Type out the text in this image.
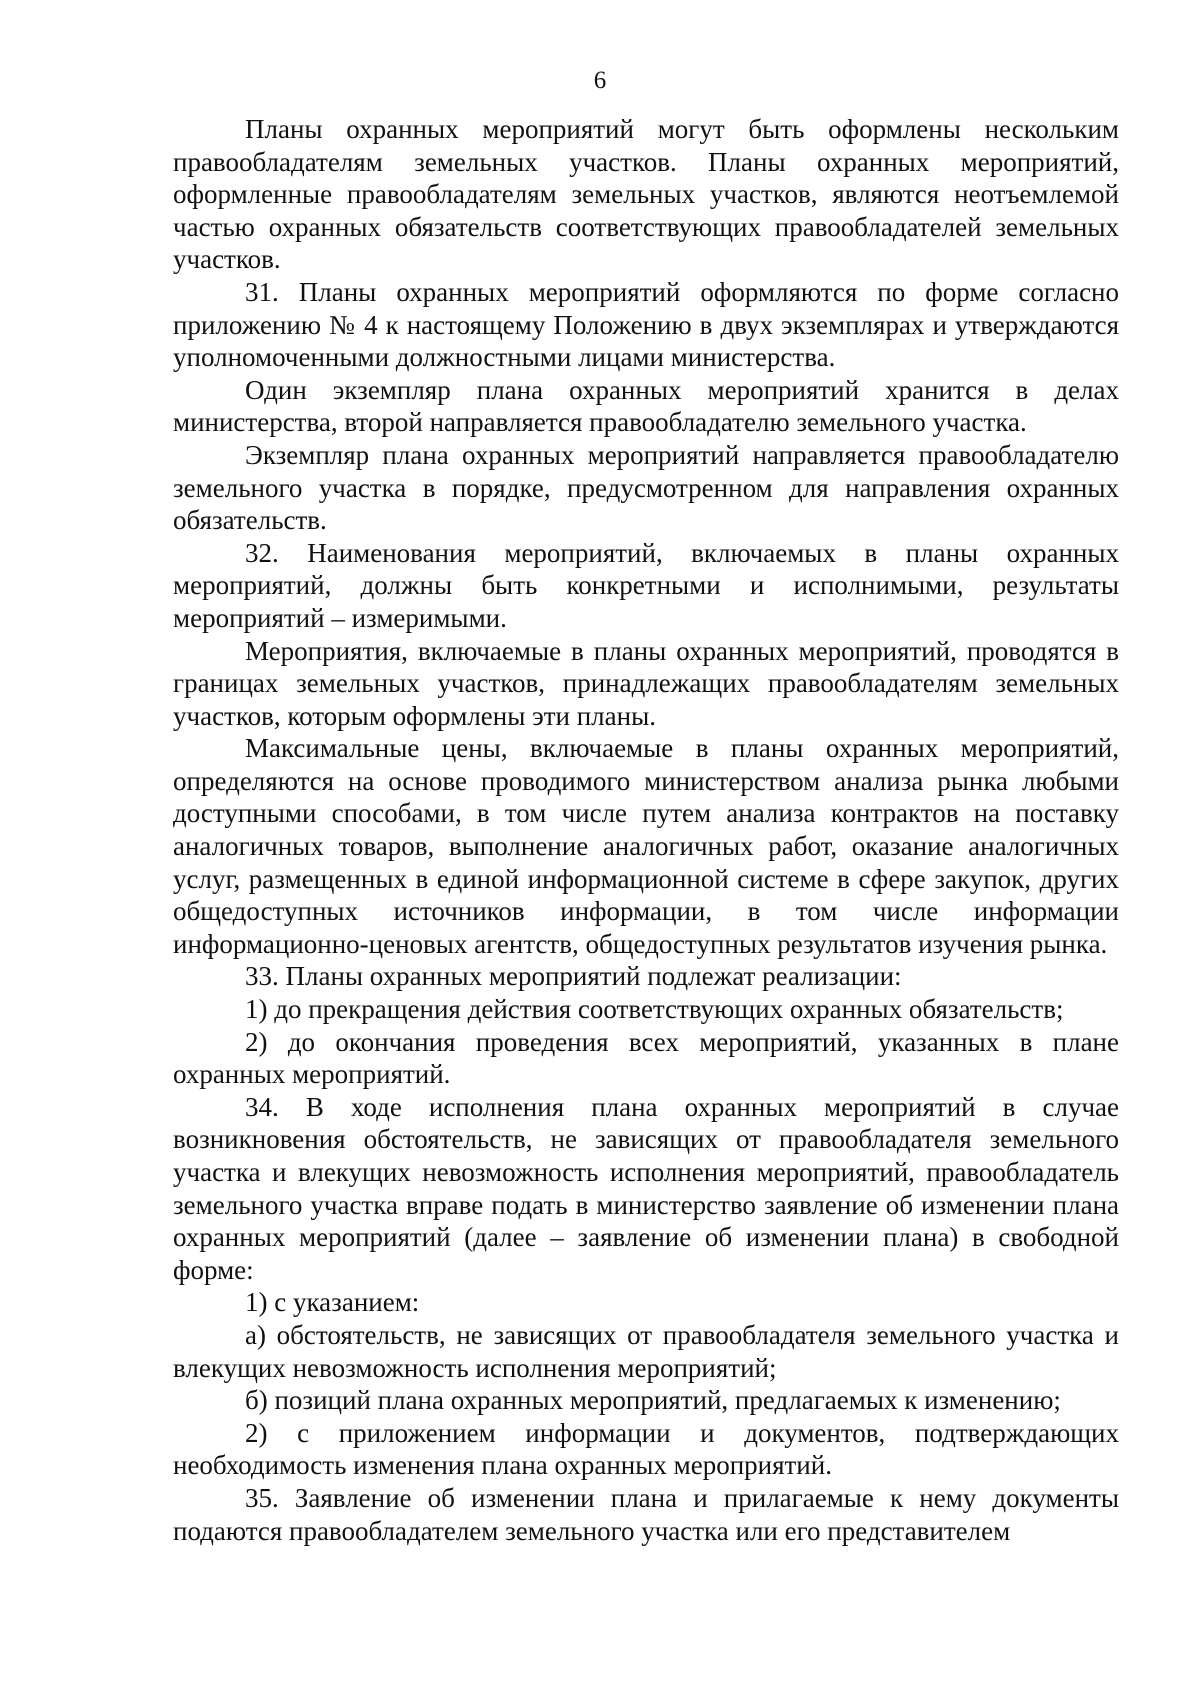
6

Планы охранных мероприятий могут быть оформлены нескольким правообладателям земельных участков. Планы охранных мероприятий, оформленные правообладателям земельных участков, являются неотъемлемой частью охранных обязательств соответствующих правообладателей земельных участков.

31. Планы охранных мероприятий оформляются по форме согласно приложению № 4 к настоящему Положению в двух экземплярах и утверждаются уполномоченными должностными лицами министерства.

Один экземпляр плана охранных мероприятий хранится в делах министерства, второй направляется правообладателю земельного участка.

Экземпляр плана охранных мероприятий направляется правообладателю земельного участка в порядке, предусмотренном для направления охранных обязательств.

32. Наименования мероприятий, включаемых в планы охранных мероприятий, должны быть конкретными и исполнимыми, результаты мероприятий – измеримыми.

Мероприятия, включаемые в планы охранных мероприятий, проводятся в границах земельных участков, принадлежащих правообладателям земельных участков, которым оформлены эти планы.

Максимальные цены, включаемые в планы охранных мероприятий, определяются на основе проводимого министерством анализа рынка любыми доступными способами, в том числе путем анализа контрактов на поставку аналогичных товаров, выполнение аналогичных работ, оказание аналогичных услуг, размещенных в единой информационной системе в сфере закупок, других общедоступных источников информации, в том числе информации информационно-ценовых агентств, общедоступных результатов изучения рынка.

33. Планы охранных мероприятий подлежат реализации:

1) до прекращения действия соответствующих охранных обязательств;

2) до окончания проведения всех мероприятий, указанных в плане охранных мероприятий.

34. В ходе исполнения плана охранных мероприятий в случае возникновения обстоятельств, не зависящих от правообладателя земельного участка и влекущих невозможность исполнения мероприятий, правообладатель земельного участка вправе подать в министерство заявление об изменении плана охранных мероприятий (далее – заявление об изменении плана) в свободной форме:

1) с указанием:

а) обстоятельств, не зависящих от правообладателя земельного участка и влекущих невозможность исполнения мероприятий;

б) позиций плана охранных мероприятий, предлагаемых к изменению;

2) с приложением информации и документов, подтверждающих необходимость изменения плана охранных мероприятий.

35. Заявление об изменении плана и прилагаемые к нему документы подаются правообладателем земельного участка или его представителем
